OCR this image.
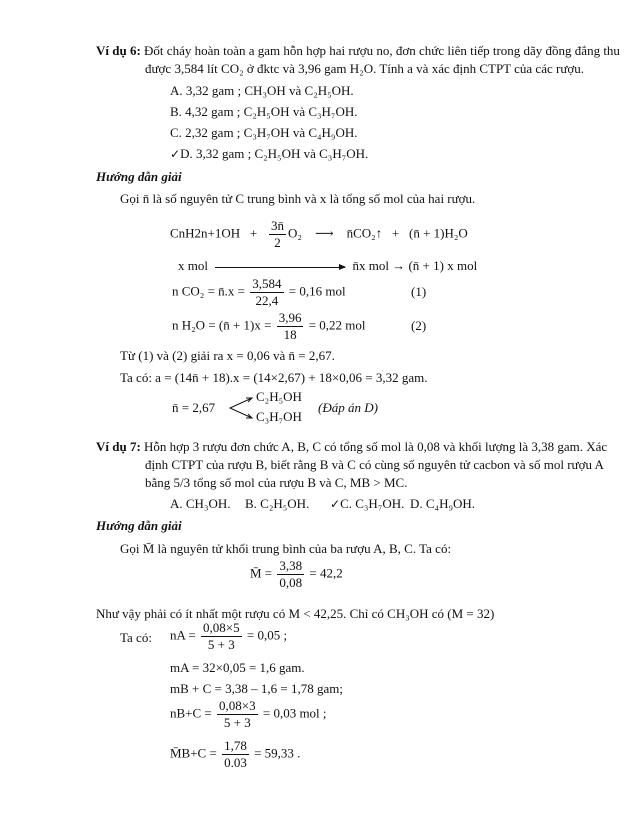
Ví dụ 6: Đốt cháy hoàn toàn a gam hỗn hợp hai rượu no, đơn chức liên tiếp trong dãy đồng đẳng thu
được 3,584 lít CO₂ ở đktc và 3,96 gam H₂O. Tính a và xác định CTPT của các rượu.
A. 3,32 gam ; CH₃OH và C₂H₅OH.
B. 4,32 gam ; C₂H₅OH và C₃H₇OH.
C. 2,32 gam ; C₃H₇OH và C₄H₉OH.
✓D. 3,32 gam ; C₂H₅OH và C₃H₇OH.
Hướng dẫn giải
Gọi n̄ là số nguyên tử C trung bình và x là tổng số mol của hai rượu.
$CnH2n+1OH + \frac{3n̄}{2} O_2$ ⟶ n̄CO₂↑ + (n̄ + 1)H₂O
x mol	n̄x mol → (n̄ + 1) x mol
n CO₂ = n̄.x = $\frac{3,584}{22,4} = 0,16$ mol	(1)
n H₂O = (n̄ + $1)x = \frac{3,96}{18} = 0,22$ mol	(2)
Từ (1) và (2) giải ra x = 0,06 và n̄ = 2,67.
Ta có: a = (14n̄ + 18).x = (14×2,67) + 18×0,06 = 3,32 gam.
n̄ = 2,67
C₂H₅OH
C₃H₇OH
(Đáp án D)
Ví dụ 7: Hỗn hợp 3 rượu đơn chức A, B, C có tổng số mol là 0,08 và khối lượng là 3,38 gam. Xác
định CTPT của rượu B, biết rằng B và C có cùng số nguyên tử cacbon và số mol rượu A
bằng 5/3 tổng số mol của rượu B và C, MB > MC.
A. CH₃OH. B. C₂H₅OH. ✓C. C₃H₇OH. D. C₄H₉OH.
Hướng dẫn giải
Gọi M̄ là nguyên tử khối trung bình của ba rượu A, B, C. Ta có:
M̄ = $\frac{3,38}{0,08} = 42,2$
Như vậy phải có ít nhất một rượu có M < 42,25. Chỉ có CH₃OH có (M = 32)
Ta có: nA = $\frac{0,08\times 5}{5 + 3} = 0,05$ ;
mA = 32×0,05 = 1,6 gam.
mB + C = 3,38 – 1,6 = 1,78 gam;
$nB+C = \frac{0,08\times 3}{5 + 3} = 0,03$ mol ;
M̄B+C = $\frac{1,78}{0.03} = 59,33$ .
